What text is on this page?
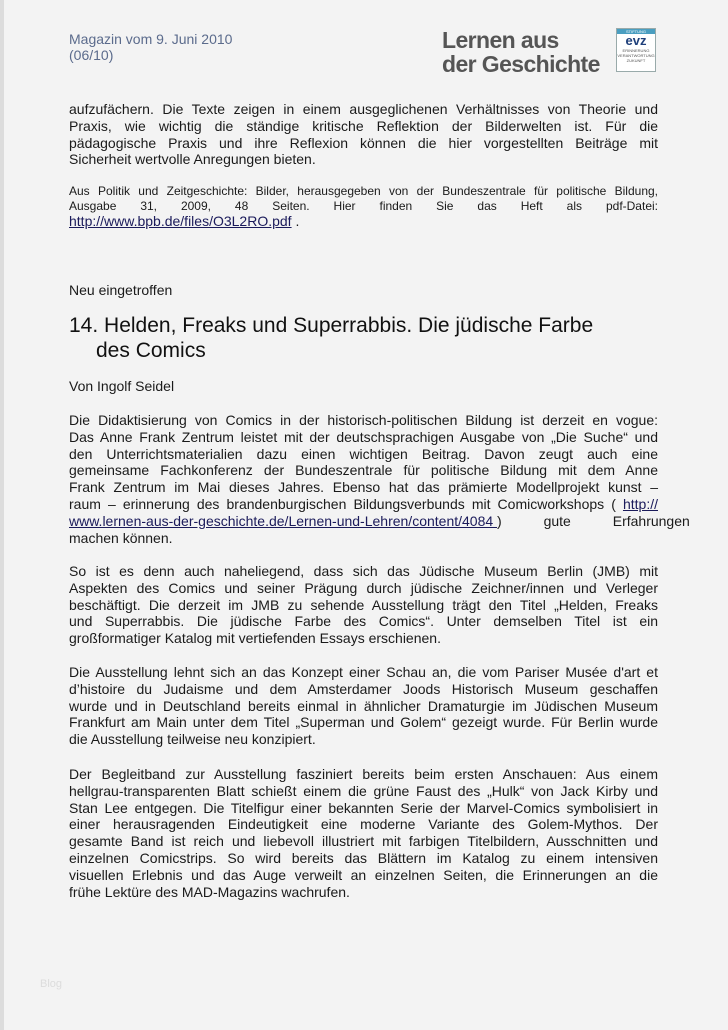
Magazin vom 9. Juni 2010
(06/10)
Lernen aus
der Geschichte
STIFTUNG
evz
ERINNERUNG VERANTWORTUNG ZUKUNFT
aufzufächern. Die Texte zeigen in einem ausgeglichenen Verhältnisses von Theorie und
Praxis, wie wichtig die ständige kritische Reflektion der Bilderwelten ist. Für die
pädagogische Praxis und ihre Reflexion können die hier vorgestellten Beiträge mit
Sicherheit wertvolle Anregungen bieten.
Aus Politik und Zeitgeschichte: Bilder, herausgegeben von der Bundeszentrale für politische Bildung,
Ausgabe 31, 2009, 48 Seiten. Hier finden Sie das Heft als pdf-Datei:
http://www.bpb.de/files/O3L2RO.pdf .
Neu eingetroffen
14. Helden, Freaks und Superrabbis. Die jüdische Farbe
des Comics
Von Ingolf Seidel
Die Didaktisierung von Comics in der historisch-politischen Bildung ist derzeit en vogue:
Das Anne Frank Zentrum leistet mit der deutschsprachigen Ausgabe von „Die Suche“ und
den Unterrichtsmaterialien dazu einen wichtigen Beitrag. Davon zeugt auch eine
gemeinsame Fachkonferenz der Bundeszentrale für politische Bildung mit dem Anne
Frank Zentrum im Mai dieses Jahres. Ebenso hat das prämierte Modellprojekt kunst –
raum – erinnerung des brandenburgischen Bildungsverbunds mit Comicworkshops ( http://
www.lernen-aus-der-geschichte.de/Lernen-und-Lehren/content/4084 ) gute Erfahrungen
machen können.
So ist es denn auch naheliegend, dass sich das Jüdische Museum Berlin (JMB) mit
Aspekten des Comics und seiner Prägung durch jüdische Zeichner/innen und Verleger
beschäftigt. Die derzeit im JMB zu sehende Ausstellung trägt den Titel „Helden, Freaks
und Superrabbis. Die jüdische Farbe des Comics“. Unter demselben Titel ist ein
großformatiger Katalog mit vertiefenden Essays erschienen.
Die Ausstellung lehnt sich an das Konzept einer Schau an, die vom Pariser Musée d'art et
d’histoire du Judaisme und dem Amsterdamer Joods Historisch Museum geschaffen
wurde und in Deutschland bereits einmal in ähnlicher Dramaturgie im Jüdischen Museum
Frankfurt am Main unter dem Titel „Superman und Golem“ gezeigt wurde. Für Berlin wurde
die Ausstellung teilweise neu konzipiert.
Der Begleitband zur Ausstellung fasziniert bereits beim ersten Anschauen: Aus einem
hellgrau-transparenten Blatt schießt einem die grüne Faust des „Hulk“ von Jack Kirby und
Stan Lee entgegen. Die Titelfigur einer bekannten Serie der Marvel-Comics symbolisiert in
einer herausragenden Eindeutigkeit eine moderne Variante des Golem-Mythos. Der
gesamte Band ist reich und liebevoll illustriert mit farbigen Titelbildern, Ausschnitten und
einzelnen Comicstrips. So wird bereits das Blättern im Katalog zu einem intensiven
visuellen Erlebnis und das Auge verweilt an einzelnen Seiten, die Erinnerungen an die
frühe Lektüre des MAD-Magazins wachrufen.
Blog
